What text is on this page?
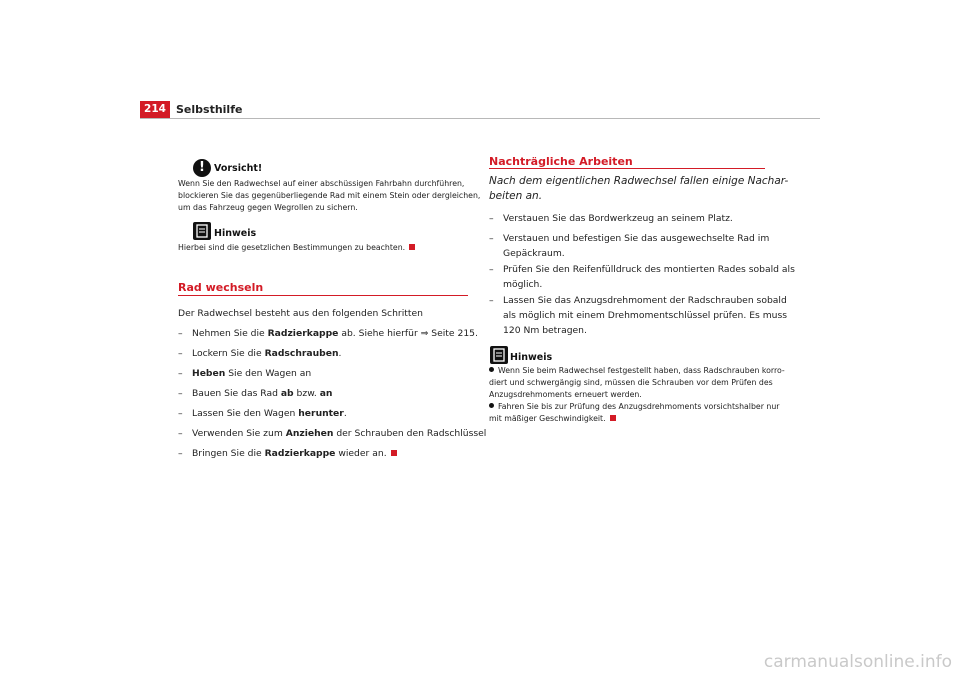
214 Selbsthilfe
! Vorsicht!
Wenn Sie den Radwechsel auf einer abschüssigen Fahrbahn durchführen,
blockieren Sie das gegenüberliegende Rad mit einem Stein oder dergleichen,
um das Fahrzeug gegen Wegrollen zu sichern.
Hinweis
Hierbei sind die gesetzlichen Bestimmungen zu beachten.
Rad wechseln
Der Radwechsel besteht aus den folgenden Schritten
– Nehmen Sie die Radzierkappe ab. Siehe hierfür ⇒ Seite 215.
– Lockern Sie die Radschrauben.
– Heben Sie den Wagen an
– Bauen Sie das Rad ab bzw. an
– Lassen Sie den Wagen herunter.
– Verwenden Sie zum Anziehen der Schrauben den Radschlüssel
– Bringen Sie die Radzierkappe wieder an.
Nachträgliche Arbeiten
Nach dem eigentlichen Radwechsel fallen einige Nachar-
beiten an.
– Verstauen Sie das Bordwerkzeug an seinem Platz.
– Verstauen und befestigen Sie das ausgewechselte Rad im
Gepäckraum.
– Prüfen Sie den Reifenfülldruck des montierten Rades sobald als
möglich.
– Lassen Sie das Anzugsdrehmoment der Radschrauben sobald
als möglich mit einem Drehmomentschlüssel prüfen. Es muss
120 Nm betragen.
Hinweis
Wenn Sie beim Radwechsel festgestellt haben, dass Radschrauben korro-
diert und schwergängig sind, müssen die Schrauben vor dem Prüfen des
Anzugsdrehmoments erneuert werden.
Fahren Sie bis zur Prüfung des Anzugsdrehmoments vorsichtshalber nur
mit mäßiger Geschwindigkeit.
carmanualsonline.info
